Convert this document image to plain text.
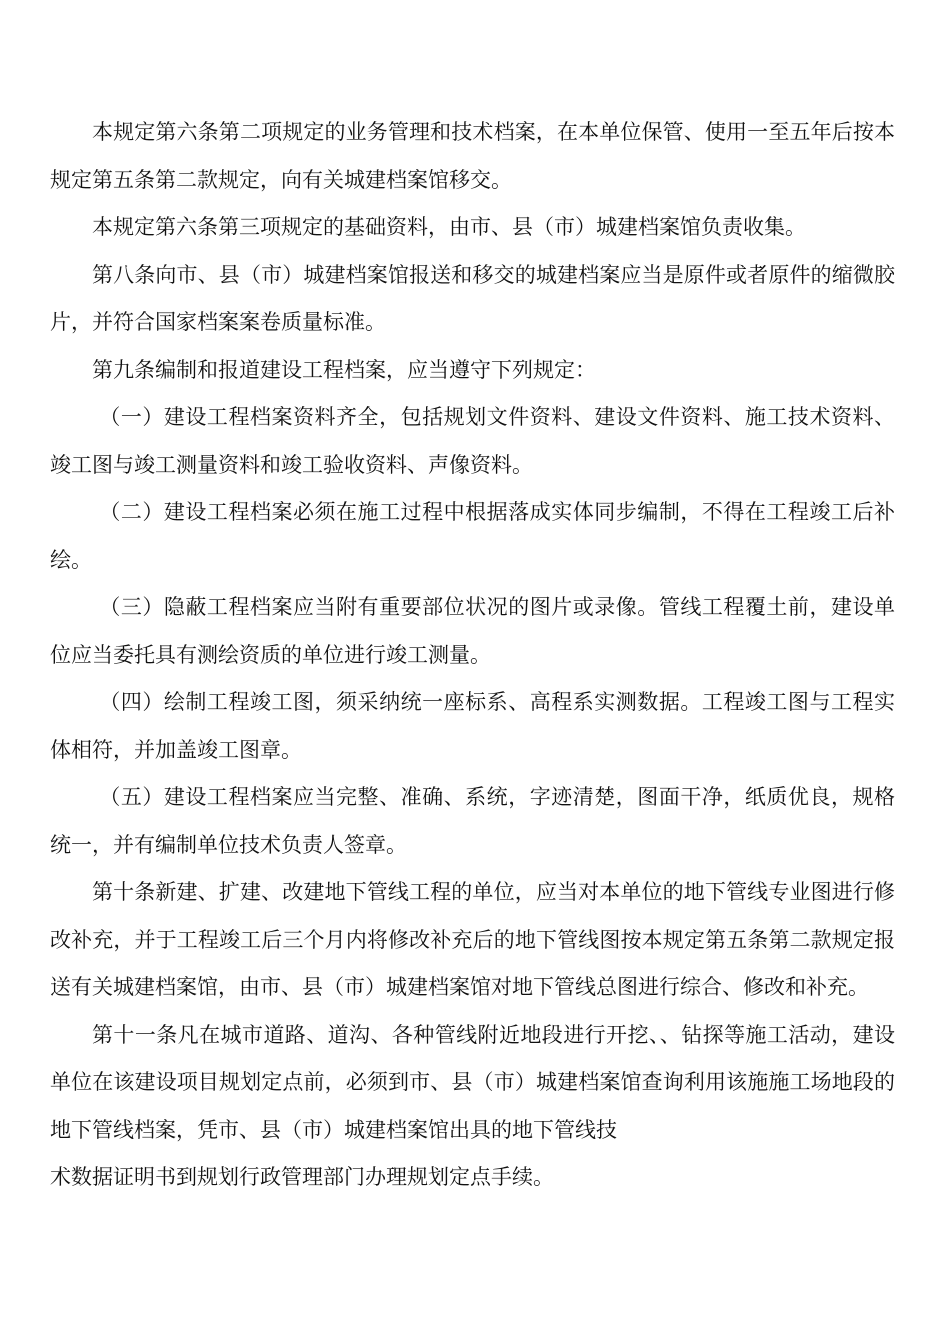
本规定第六条第二项规定的业务管理和技术档案，在本单位保管、使用一至五年后按本规定第五条第二款规定，向有关城建档案馆移交。

本规定第六条第三项规定的基础资料，由市、县（市）城建档案馆负责收集。

第八条向市、县（市）城建档案馆报送和移交的城建档案应当是原件或者原件的缩微胶片，并符合国家档案案卷质量标准。

第九条编制和报道建设工程档案，应当遵守下列规定：

（一）建设工程档案资料齐全，包括规划文件资料、建设文件资料、施工技术资料、竣工图与竣工测量资料和竣工验收资料、声像资料。

（二）建设工程档案必须在施工过程中根据落成实体同步编制，不得在工程竣工后补绘。

（三）隐蔽工程档案应当附有重要部位状况的图片或录像。管线工程覆土前，建设单位应当委托具有测绘资质的单位进行竣工测量。

（四）绘制工程竣工图，须采纳统一座标系、高程系实测数据。工程竣工图与工程实体相符，并加盖竣工图章。

（五）建设工程档案应当完整、准确、系统，字迹清楚，图面干净，纸质优良，规格统一，并有编制单位技术负责人签章。

第十条新建、扩建、改建地下管线工程的单位，应当对本单位的地下管线专业图进行修改补充，并于工程竣工后三个月内将修改补充后的地下管线图按本规定第五条第二款规定报送有关城建档案馆，由市、县（市）城建档案馆对地下管线总图进行综合、修改和补充。

第十一条凡在城市道路、道沟、各种管线附近地段进行开挖、、钻探等施工活动，建设单位在该建设项目规划定点前，必须到市、县（市）城建档案馆查询利用该施施工场地段的地下管线档案，凭市、县（市）城建档案馆出具的地下管线技

术数据证明书到规划行政管理部门办理规划定点手续。
